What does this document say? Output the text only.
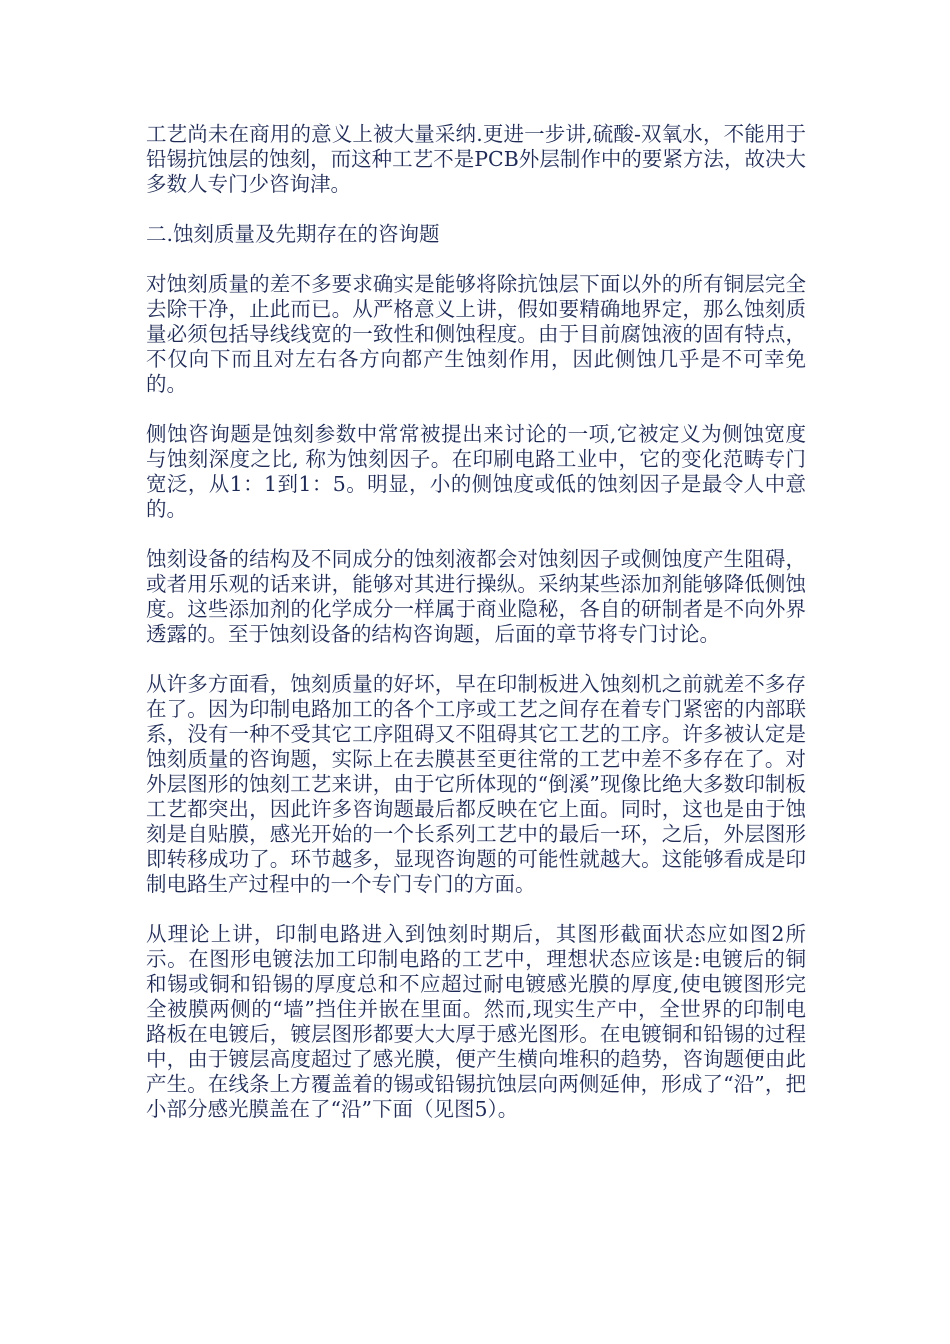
工艺尚未在商用的意义上被大量采纳.更进一步讲,硫酸-双氧水，不能用于铅锡抗蚀层的蚀刻，而这种工艺不是PCB外层制作中的要紧方法，故决大多数人专门少咨询津。

二.蚀刻质量及先期存在的咨询题

对蚀刻质量的差不多要求确实是能够将除抗蚀层下面以外的所有铜层完全去除干净，止此而已。从严格意义上讲，假如要精确地界定，那么蚀刻质量必须包括导线线宽的一致性和侧蚀程度。由于目前腐蚀液的固有特点，不仅向下而且对左右各方向都产生蚀刻作用，因此侧蚀几乎是不可幸免的。

侧蚀咨询题是蚀刻参数中常常被提出来讨论的一项,它被定义为侧蚀宽度与蚀刻深度之比, 称为蚀刻因子。在印刷电路工业中，它的变化范畴专门宽泛，从1：1到1：5。明显，小的侧蚀度或低的蚀刻因子是最令人中意的。

蚀刻设备的结构及不同成分的蚀刻液都会对蚀刻因子或侧蚀度产生阻碍，或者用乐观的话来讲，能够对其进行操纵。采纳某些添加剂能够降低侧蚀度。这些添加剂的化学成分一样属于商业隐秘，各自的研制者是不向外界透露的。至于蚀刻设备的结构咨询题，后面的章节将专门讨论。

从许多方面看，蚀刻质量的好坏，早在印制板进入蚀刻机之前就差不多存在了。因为印制电路加工的各个工序或工艺之间存在着专门紧密的内部联系，没有一种不受其它工序阻碍又不阻碍其它工艺的工序。许多被认定是蚀刻质量的咨询题，实际上在去膜甚至更往常的工艺中差不多存在了。对外层图形的蚀刻工艺来讲，由于它所体现的“倒溪”现像比绝大多数印制板工艺都突出，因此许多咨询题最后都反映在它上面。同时，这也是由于蚀刻是自贴膜，感光开始的一个长系列工艺中的最后一环，之后，外层图形即转移成功了。环节越多，显现咨询题的可能性就越大。这能够看成是印制电路生产过程中的一个专门专门的方面。

从理论上讲，印制电路进入到蚀刻时期后，其图形截面状态应如图2所示。在图形电镀法加工印制电路的工艺中，理想状态应该是:电镀后的铜和锡或铜和铅锡的厚度总和不应超过耐电镀感光膜的厚度,使电镀图形完全被膜两侧的“墙”挡住并嵌在里面。然而,现实生产中，全世界的印制电路板在电镀后，镀层图形都要大大厚于感光图形。在电镀铜和铅锡的过程中，由于镀层高度超过了感光膜，便产生横向堆积的趋势，咨询题便由此产生。在线条上方覆盖着的锡或铅锡抗蚀层向两侧延伸，形成了“沿”，把小部分感光膜盖在了“沿”下面（见图5）。
